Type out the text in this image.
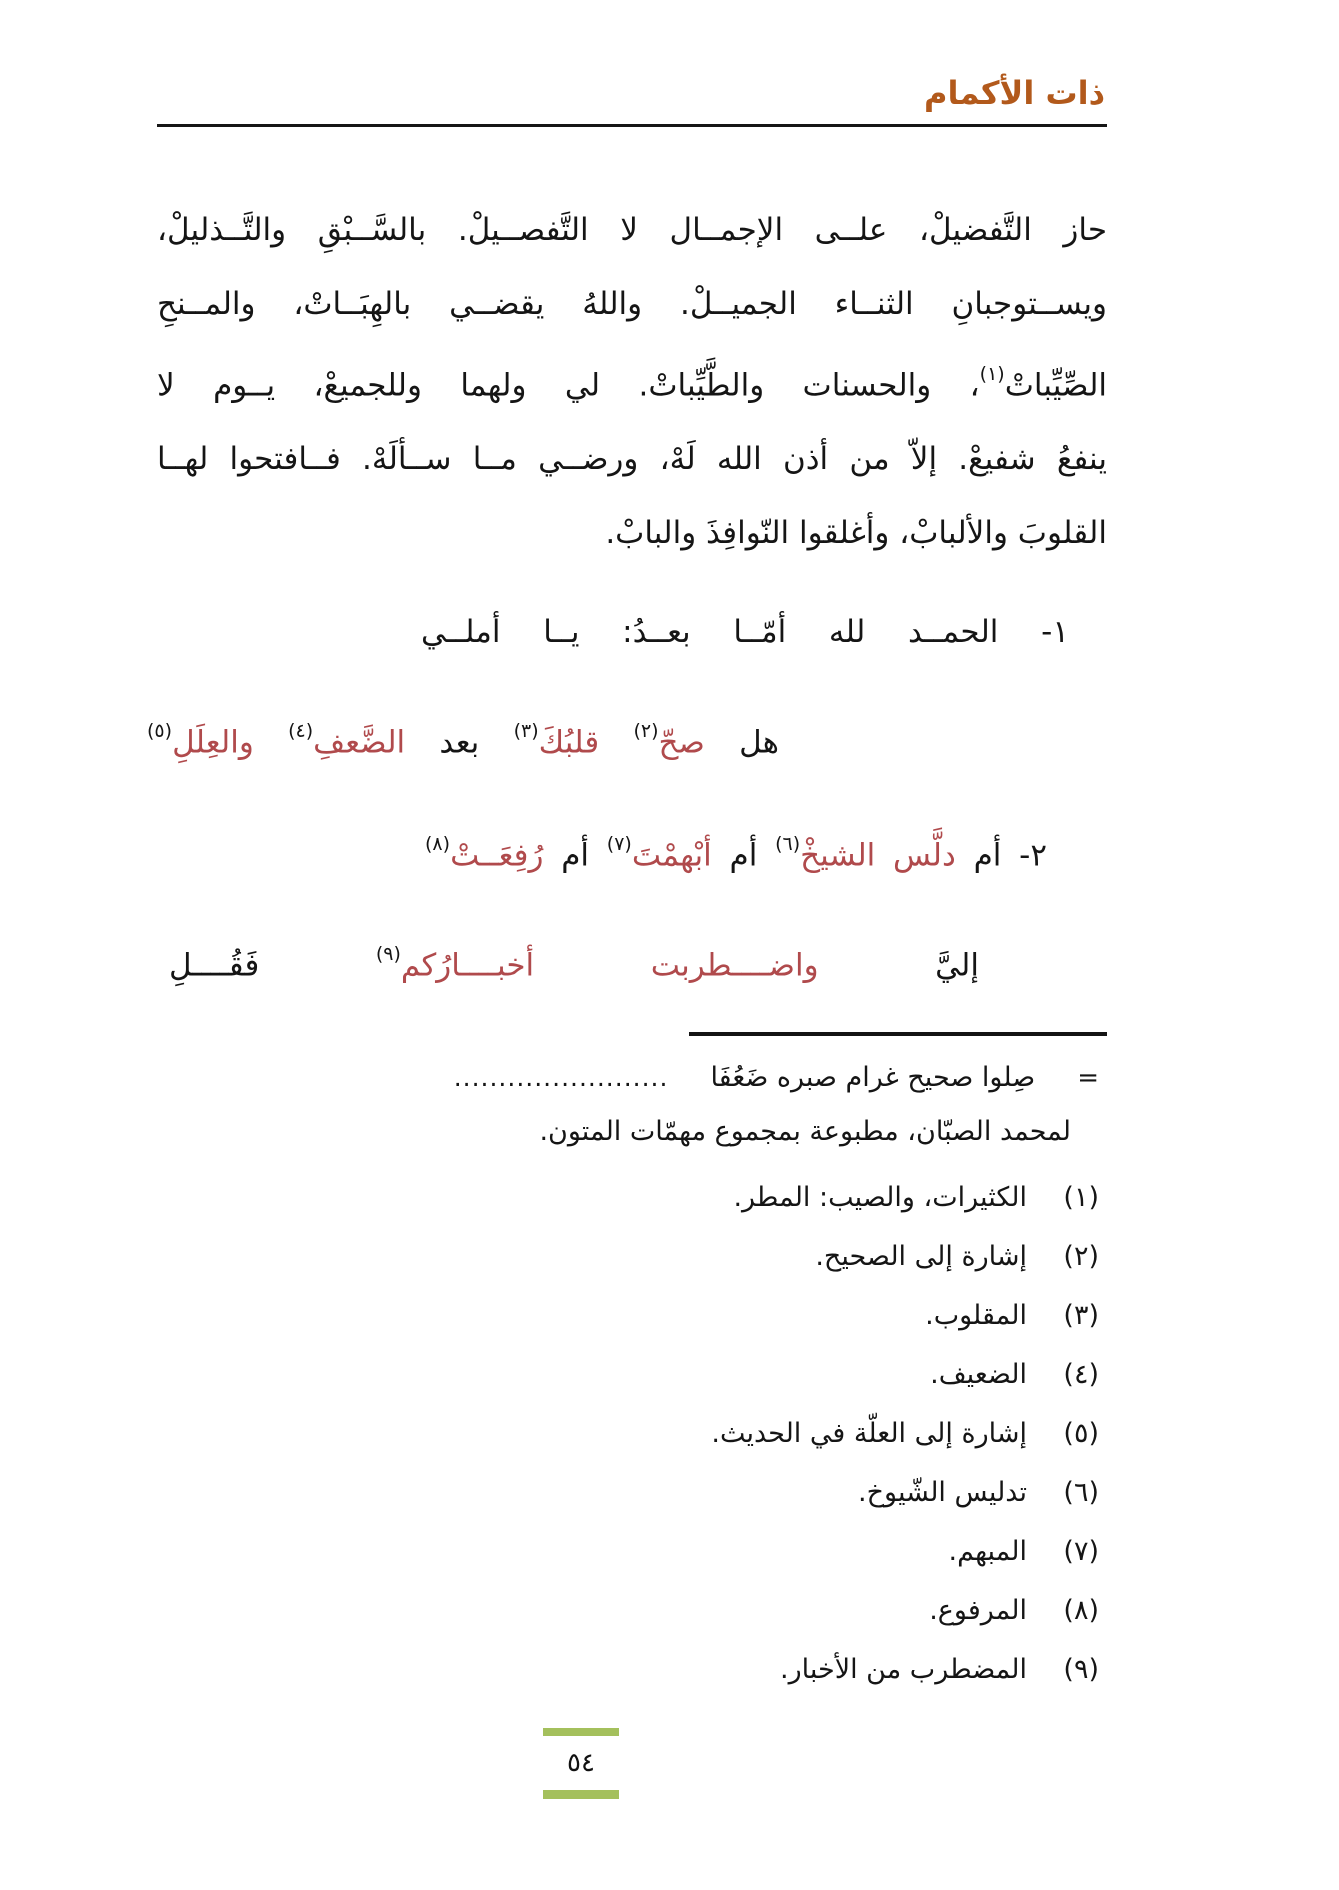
ذات الأكمام
حاز التَّفضيلْ، علــى الإجمــال لا التَّفصــيلْ. بالسَّــبْقِ والتَّــذليلْ،
ويســتوجبانِ الثنــاء الجميــلْ. واللهُ يقضــي بالهِبَــاتْ، والمــنحِ
الصِّيِّباتْ$^{(١)}$، والحسنات والطَّيِّباتْ. لي ولهما وللجميعْ، يــوم لا
ينفعُ شفيعْ. إلاّ من أذن الله لَهْ، ورضــي مــا ســألَهْ. فــافتحوا لهــا
القلوبَ والألبابْ، وأغلقوا النّوافِذَ والبابْ.
١- الحمــد لله أمّــا بعــدُ: يــا أملــي
هل صحّ$^{(٢)}$ قلبُكَ$^{(٣)}$ بعد الضَّعفِ$^{(٤)}$ والعِلَلِ$^{(٥)}$
٢- أم دلَّس الشيخْ$^{(٦)}$ أم أبْهمْتَ$^{(٧)}$ أم رُفِعَــتْ$^{(٨)}$
إليَّ واضــــطربت أخبــــارُكم$^{(٩)}$ فَقُــــلِ
=
صِلوا صحيح غرام صبره ضَعُفَا
........................
لمحمد الصبّان، مطبوعة بمجموع مهمّات المتون.
(١)
الكثيرات، والصيب: المطر.
(٢)
إشارة إلى الصحيح.
(٣)
المقلوب.
(٤)
الضعيف.
(٥)
إشارة إلى العلّة في الحديث.
(٦)
تدليس الشّيوخ.
(٧)
المبهم.
(٨)
المرفوع.
(٩)
المضطرب من الأخبار.
٥٤
